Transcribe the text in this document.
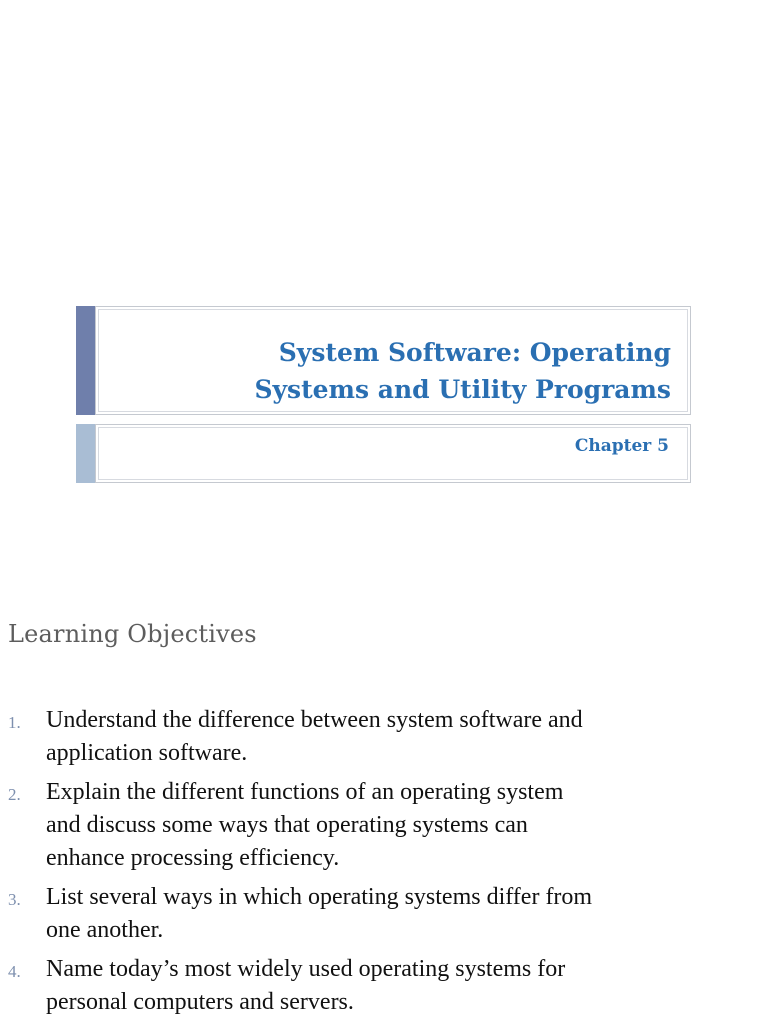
System Software: Operating
Systems and Utility Programs
Chapter 5
Learning Objectives
1. Understand the difference between system software and
application software.
2. Explain the different functions of an operating system
and discuss some ways that operating systems can
enhance processing efficiency.
3. List several ways in which operating systems differ from
one another.
4. Name today’s most widely used operating systems for
personal computers and servers.
